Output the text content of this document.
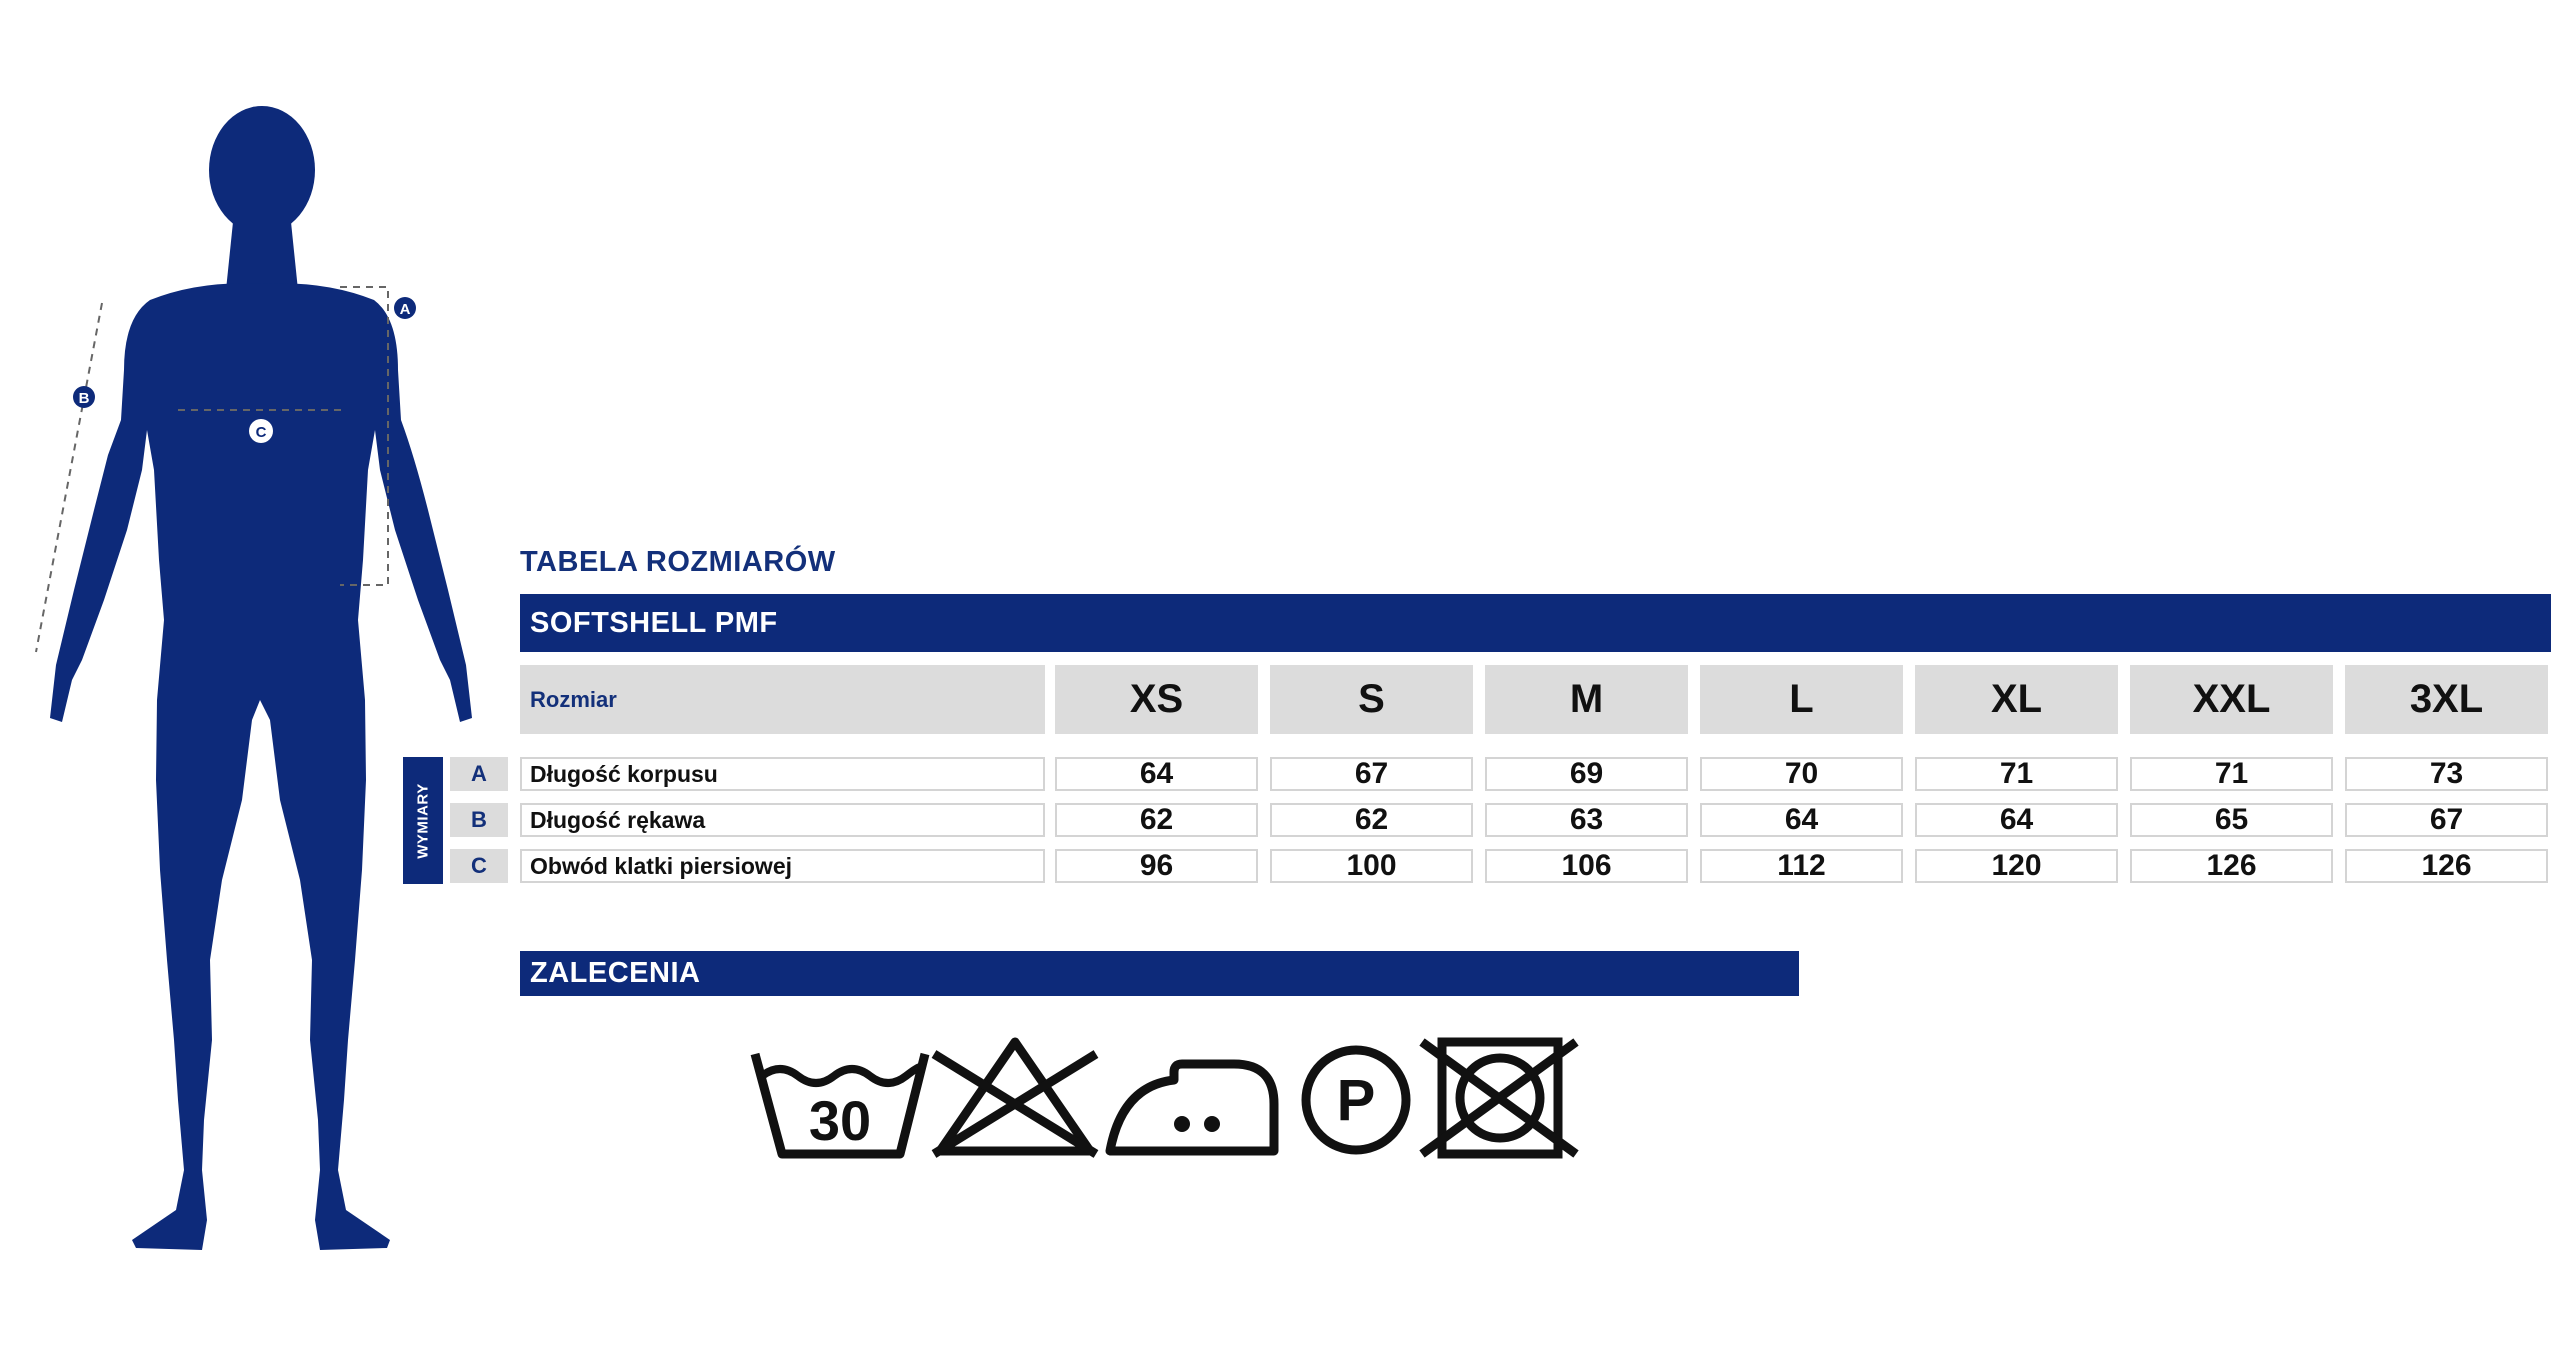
A
B
C
TABELA ROZMIARÓW
SOFTSHELL PMF
Rozmiar	XS	S	M	L	XL	XXL	3XL
WYMIARY
A	Długość korpusu	64	67	69	70	71	71	73
B	Długość rękawa	62	62	63	64	64	65	67
C	Obwód klatki piersiowej	96	100	106	112	120	126	126
ZALECENIA
30	P
